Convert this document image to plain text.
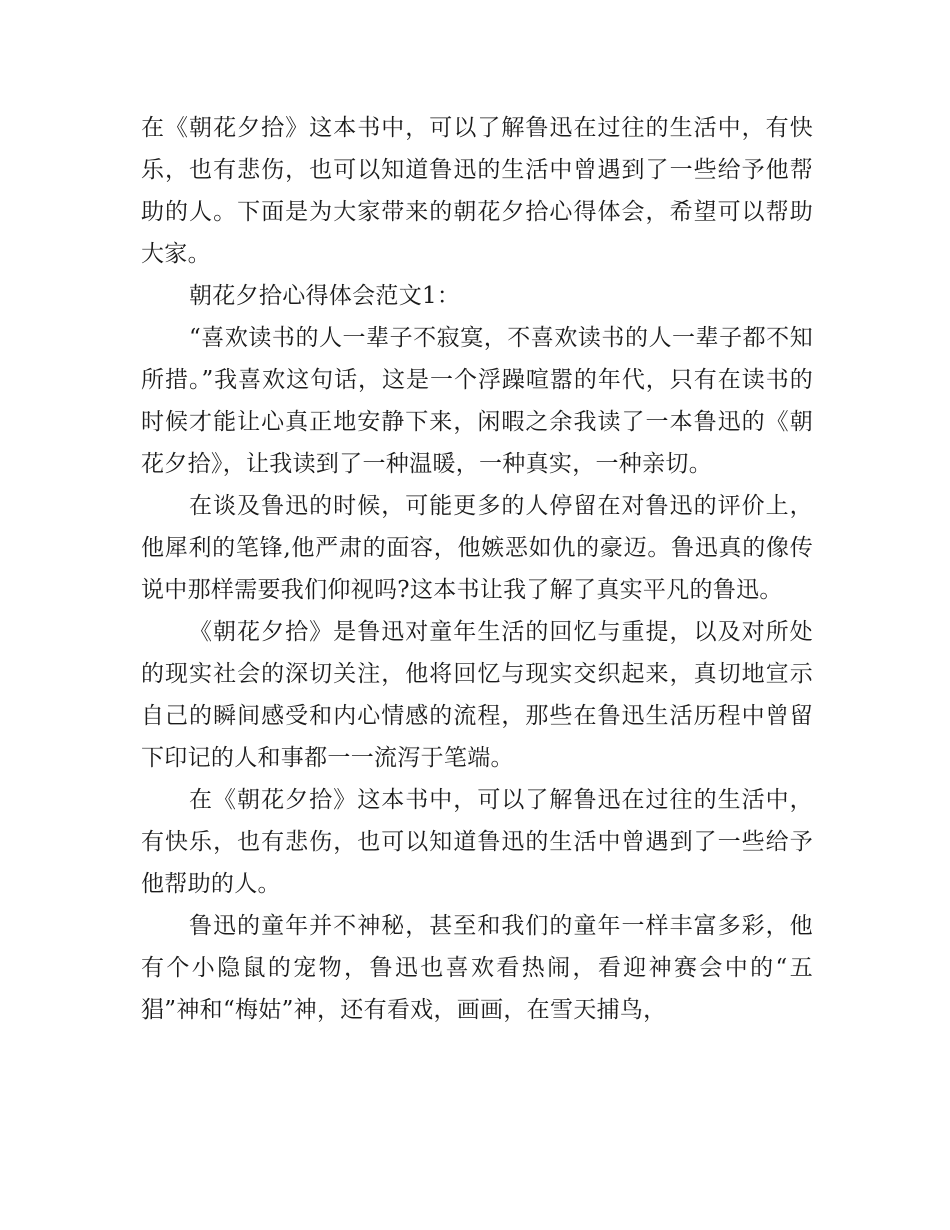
在《朝花夕拾》这本书中，可以了解鲁迅在过往的生活中，有快乐，也有悲伤，也可以知道鲁迅的生活中曾遇到了一些给予他帮助的人。下面是为大家带来的朝花夕拾心得体会，希望可以帮助大家。

朝花夕拾心得体会范文1：

“喜欢读书的人一辈子不寂寞，不喜欢读书的人一辈子都不知所措。”我喜欢这句话，这是一个浮躁喧嚣的年代，只有在读书的时候才能让心真正地安静下来，闲暇之余我读了一本鲁迅的《朝花夕拾》，让我读到了一种温暖，一种真实，一种亲切。

在谈及鲁迅的时候，可能更多的人停留在对鲁迅的评价上，他犀利的笔锋,他严肃的面容，他嫉恶如仇的豪迈。鲁迅真的像传说中那样需要我们仰视吗?这本书让我了解了真实平凡的鲁迅。

《朝花夕拾》是鲁迅对童年生活的回忆与重提，以及对所处的现实社会的深切关注，他将回忆与现实交织起来，真切地宣示自己的瞬间感受和内心情感的流程，那些在鲁迅生活历程中曾留下印记的人和事都一一流泻于笔端。

在《朝花夕拾》这本书中，可以了解鲁迅在过往的生活中，有快乐，也有悲伤，也可以知道鲁迅的生活中曾遇到了一些给予他帮助的人。

鲁迅的童年并不神秘，甚至和我们的童年一样丰富多彩，他有个小隐鼠的宠物，鲁迅也喜欢看热闹，看迎神赛会中的“五猖”神和“梅姑”神，还有看戏，画画，在雪天捕鸟，
